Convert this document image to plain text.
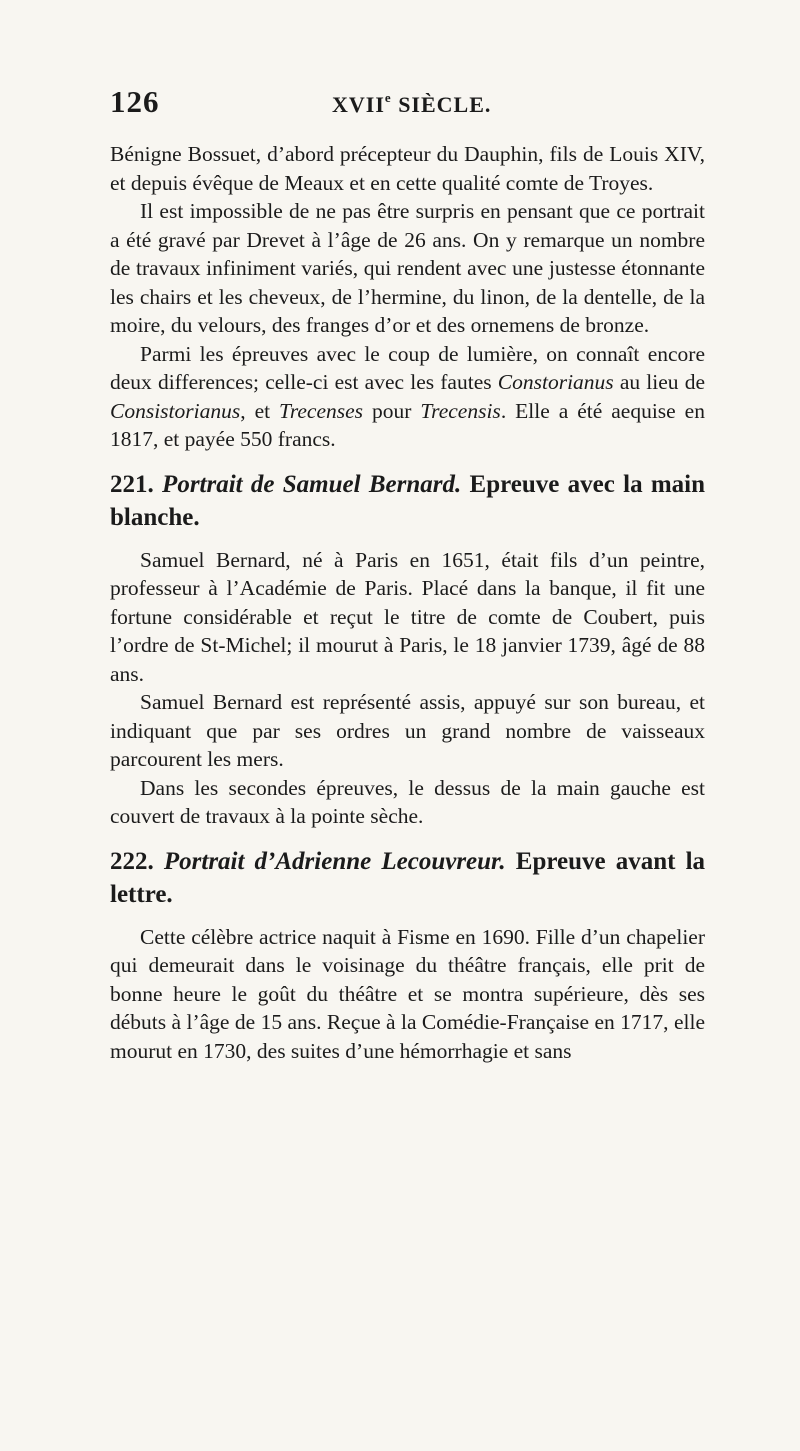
126	XVIIe SIÈCLE.

Bénigne Bossuet, d’abord précepteur du Dauphin, fils de Louis XIV, et depuis évêque de Meaux et en cette qualité comte de Troyes.

Il est impossible de ne pas être surpris en pensant que ce portrait a été gravé par Drevet à l’âge de 26 ans. On y remarque un nombre de travaux infiniment variés, qui rendent avec une justesse étonnante les chairs et les cheveux, de l’hermine, du linon, de la dentelle, de la moire, du velours, des franges d’or et des ornemens de bronze.

Parmi les épreuves avec le coup de lumière, on connaît encore deux differences; celle-ci est avec les fautes Constorianus au lieu de Consistorianus, et Trecenses pour Trecensis. Elle a été aequise en 1817, et payée 550 francs.

221. Portrait de Samuel Bernard. Epreuve avec la main blanche.

Samuel Bernard, né à Paris en 1651, était fils d’un peintre, professeur à l’Académie de Paris. Placé dans la banque, il fit une fortune considérable et reçut le titre de comte de Coubert, puis l’ordre de St-Michel; il mourut à Paris, le 18 janvier 1739, âgé de 88 ans.

Samuel Bernard est représenté assis, appuyé sur son bureau, et indiquant que par ses ordres un grand nombre de vaisseaux parcourent les mers.

Dans les secondes épreuves, le dessus de la main gauche est couvert de travaux à la pointe sèche.

222. Portrait d’Adrienne Lecouvreur. Epreuve avant la lettre.

Cette célèbre actrice naquit à Fisme en 1690. Fille d’un chapelier qui demeurait dans le voisinage du théâtre français, elle prit de bonne heure le goût du théâtre et se montra supérieure, dès ses débuts à l’âge de 15 ans. Reçue à la Comédie-Française en 1717, elle mourut en 1730, des suites d’une hémorrhagie et sans
